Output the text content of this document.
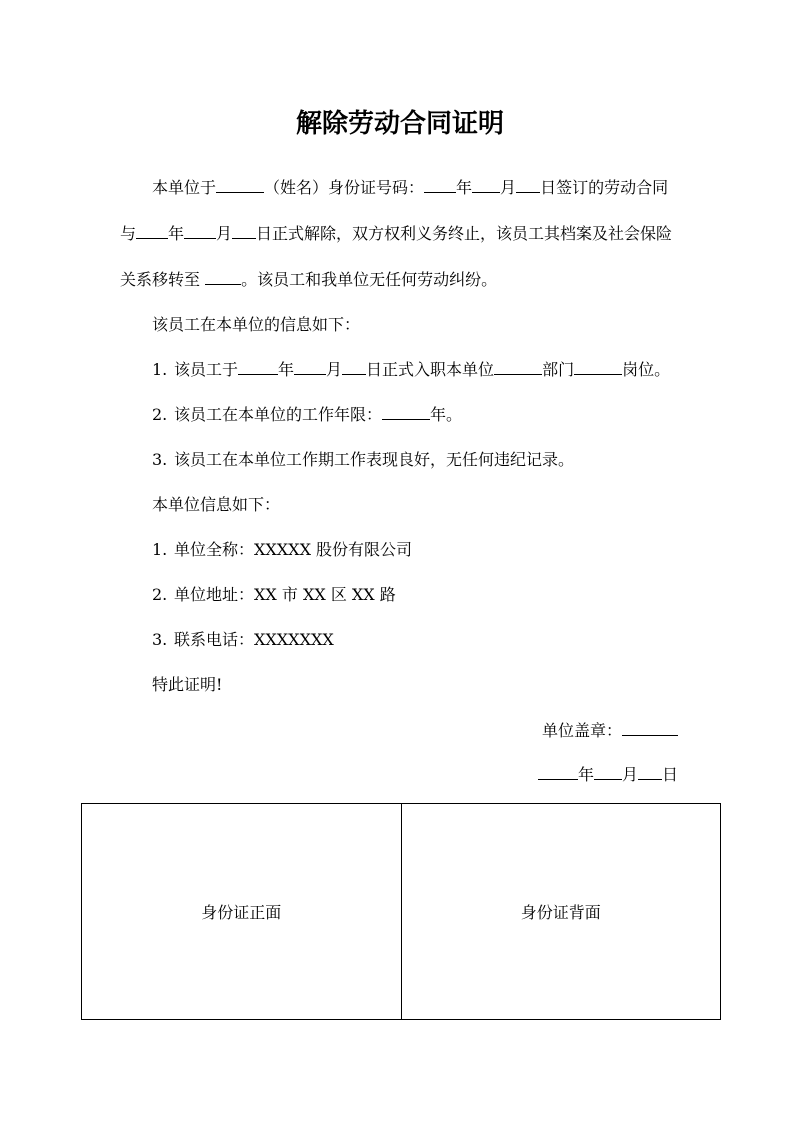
解除劳动合同证明
本单位于	（姓名）身份证号码： 年 月 日签订的劳动合同
与 年 月 日正式解除，双方权利义务终止，该员工其档案及社会保险
关系移转至 。该员工和我单位无任何劳动纠纷。
该员工在本单位的信息如下：
1. 该员工于	年 月 日正式入职本单位	部门	岗位。
2. 该员工在本单位的工作年限：	年。
3. 该员工在本单位工作期工作表现良好，无任何违纪记录。
本单位信息如下：
1. 单位全称：XXXXX 股份有限公司
2. 单位地址：XX 市 XX 区 XX 路
3. 联系电话：XXXXXXX
特此证明!
单位盖章：
年 月 日
身份证正面	身份证背面
